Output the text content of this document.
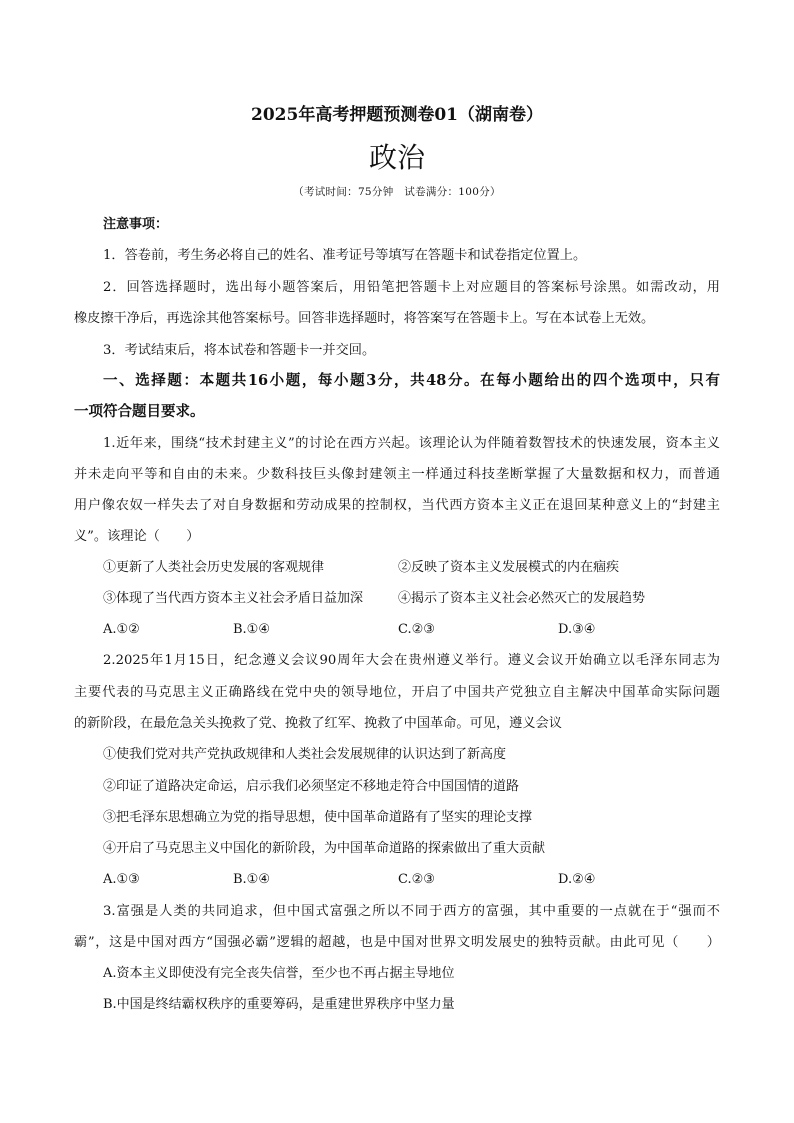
2025年高考押题预测卷01（湖南卷）
政治
（考试时间：75分钟　试卷满分：100分）
注意事项：
1．答卷前，考生务必将自己的姓名、准考证号等填写在答题卡和试卷指定位置上。
2．回答选择题时，选出每小题答案后，用铅笔把答题卡上对应题目的答案标号涂黑。如需改动，用
橡皮擦干净后，再选涂其他答案标号。回答非选择题时，将答案写在答题卡上。写在本试卷上无效。
3．考试结束后，将本试卷和答题卡一并交回。
一、选择题：本题共16小题，每小题3分，共48分。在每小题给出的四个选项中，只有
一项符合题目要求。
1.近年来，围绕“技术封建主义”的讨论在西方兴起。该理论认为伴随着数智技术的快速发展，资本主义
并未走向平等和自由的未来。少数科技巨头像封建领主一样通过科技垄断掌握了大量数据和权力，而普通
用户像农奴一样失去了对自身数据和劳动成果的控制权，当代西方资本主义正在退回某种意义上的“封建主
义”。该理论（　　）
①更新了人类社会历史发展的客观规律	②反映了资本主义发展模式的内在痼疾
③体现了当代西方资本主义社会矛盾日益加深	④揭示了资本主义社会必然灭亡的发展趋势
A.①②	B.①④	C.②③	D.③④
2.2025年1月15日，纪念遵义会议90周年大会在贵州遵义举行。遵义会议开始确立以毛泽东同志为
主要代表的马克思主义正确路线在党中央的领导地位，开启了中国共产党独立自主解决中国革命实际问题
的新阶段，在最危急关头挽救了党、挽救了红军、挽救了中国革命。可见，遵义会议
①使我们党对共产党执政规律和人类社会发展规律的认识达到了新高度
②印证了道路决定命运，启示我们必须坚定不移地走符合中国国情的道路
③把毛泽东思想确立为党的指导思想，使中国革命道路有了坚实的理论支撑
④开启了马克思主义中国化的新阶段，为中国革命道路的探索做出了重大贡献
A.①③	B.①④	C.②③	D.②④
3.富强是人类的共同追求，但中国式富强之所以不同于西方的富强，其中重要的一点就在于“强而不
霸”，这是中国对西方“国强必霸”逻辑的超越，也是中国对世界文明发展史的独特贡献。由此可见（　　）
A.资本主义即使没有完全丧失信誉，至少也不再占据主导地位
B.中国是终结霸权秩序的重要筹码，是重建世界秩序中坚力量
